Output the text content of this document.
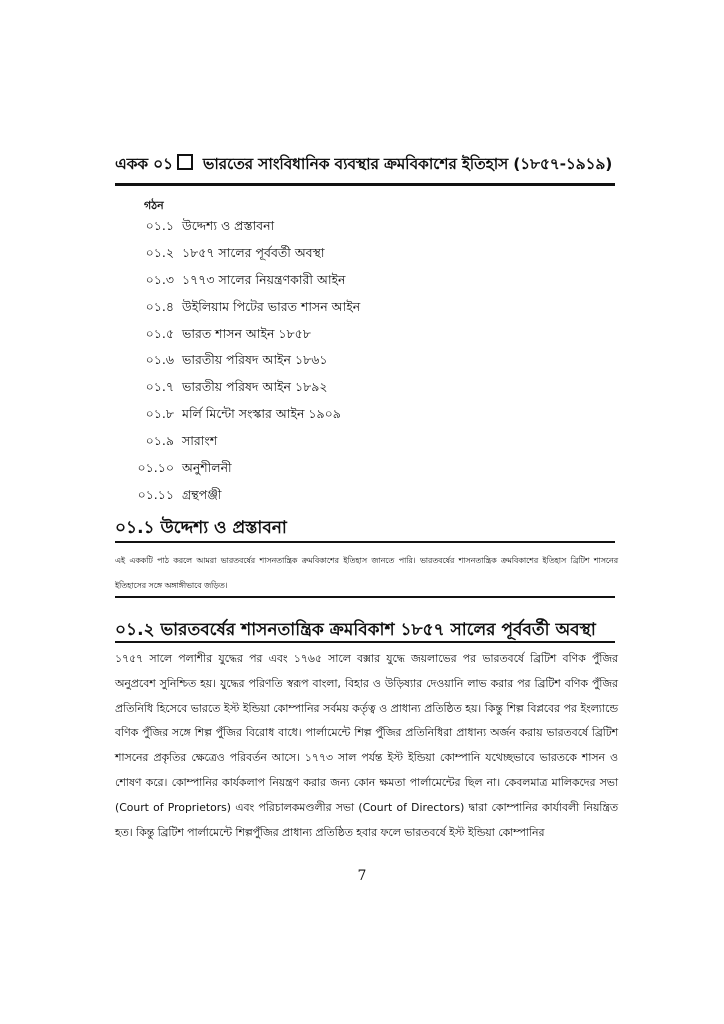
একক ০১ ভারতের সাংবিধানিক ব্যবস্থার ক্রমবিকাশের ইতিহাস (১৮৫৭-১৯১৯)
গঠন
০১.১ উদ্দেশ্য ও প্রস্তাবনা
০১.২ ১৮৫৭ সালের পূর্ববর্তী অবস্থা
০১.৩ ১৭৭৩ সালের নিয়ন্ত্রণকারী আইন
০১.৪ উইলিয়াম পিটের ভারত শাসন আইন
০১.৫ ভারত শাসন আইন ১৮৫৮
০১.৬ ভারতীয় পরিষদ আইন ১৮৬১
০১.৭ ভারতীয় পরিষদ আইন ১৮৯২
০১.৮ মর্লি মিন্টো সংস্কার আইন ১৯০৯
০১.৯ সারাংশ
০১.১০ অনুশীলনী
০১.১১ গ্রন্থপঞ্জী
০১.১ উদ্দেশ্য ও প্রস্তাবনা
এই এককটি পাঠ করলে আমরা ভারতবর্ষের শাসনতান্ত্রিক ক্রমবিকাশের ইতিহাস জানতে পারি। ভারতবর্ষের শাসনতান্ত্রিক ক্রমবিকাশের ইতিহাস ব্রিটিশ শাসনের ইতিহাসের সঙ্গে অঙ্গাঙ্গীভাবে জড়িত।
০১.২ ভারতবর্ষের শাসনতান্ত্রিক ক্রমবিকাশ ১৮৫৭ সালের পূর্ববর্তী অবস্থা
১৭৫৭ সালে পলাশীর যুদ্ধের পর এবং ১৭৬৫ সালে বক্সার যুদ্ধে জয়লাভের পর ভারতবর্ষে ব্রিটিশ বণিক পুঁজির অনুপ্রবেশ সুনিশ্চিত হয়। যুদ্ধের পরিণতি স্বরূপ বাংলা, বিহার ও উড়িষ্যার দেওয়ানি লাভ করার পর ব্রিটিশ বণিক পুঁজির প্রতিনিধি হিসেবে ভারতে ইস্ট ইন্ডিয়া কোম্পানির সর্বময় কর্তৃত্ব ও প্রাধান্য প্রতিষ্ঠিত হয়। কিন্তু শিল্প বিপ্লবের পর ইংল্যান্ডে বণিক পুঁজির সঙ্গে শিল্প পুঁজির বিরোধ বাধে। পার্লামেন্টে শিল্প পুঁজির প্রতিনিধিরা প্রাধান্য অর্জন করায় ভারতবর্ষে ব্রিটিশ শাসনের প্রকৃতির ক্ষেত্রেও পরিবর্তন আসে। ১৭৭৩ সাল পর্যন্ত ইস্ট ইন্ডিয়া কোম্পানি যথেচ্ছভাবে ভারতকে শাসন ও শোষণ করে। কোম্পানির কার্যকলাপ নিয়ন্ত্রণ করার জন্য কোন ক্ষমতা পার্লামেন্টের ছিল না। কেবলমাত্র মালিকদের সভা (Court of Proprietors) এবং পরিচালকমণ্ডলীর সভা (Court of Directors) দ্বারা কোম্পানির কার্যাবলী নিয়ন্ত্রিত হত। কিন্তু ব্রিটিশ পার্লামেন্টে শিল্পপুঁজির প্রাধান্য প্রতিষ্ঠিত হবার ফলে ভারতবর্ষে ইস্ট ইন্ডিয়া কোম্পানির
7
